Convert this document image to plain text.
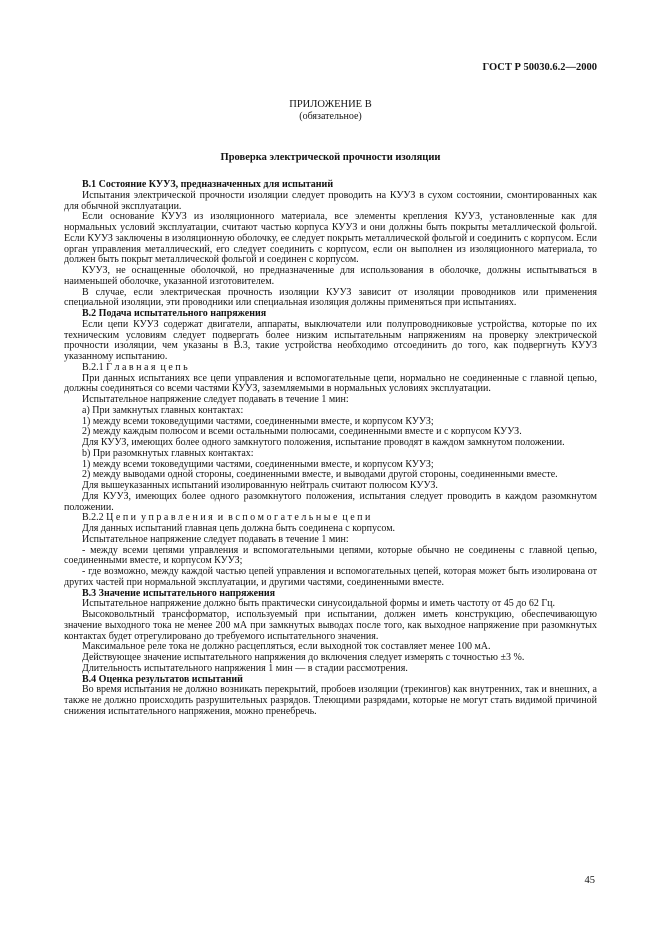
ГОСТ Р 50030.6.2—2000
ПРИЛОЖЕНИЕ В
(обязательное)
Проверка электрической прочности изоляции
В.1 Состояние КУУЗ, предназначенных для испытаний
Испытания электрической прочности изоляции следует проводить на КУУЗ в сухом состоянии, смонтированных как для обычной эксплуатации.
Если основание КУУЗ из изоляционного материала, все элементы крепления КУУЗ, установленные как для нормальных условий эксплуатации, считают частью корпуса КУУЗ и они должны быть покрыты металлической фольгой. Если КУУЗ заключены в изоляционную оболочку, ее следует покрыть металлической фольгой и соединить с корпусом. Если орган управления металлический, его следует соединить с корпусом, если он выполнен из изоляционного материала, то должен быть покрыт металлической фольгой и соединен с корпусом.
КУУЗ, не оснащенные оболочкой, но предназначенные для использования в оболочке, должны испытываться в наименьшей оболочке, указанной изготовителем.
В случае, если электрическая прочность изоляции КУУЗ зависит от изоляции проводников или применения специальной изоляции, эти проводники или специальная изоляция должны применяться при испытаниях.
В.2 Подача испытательного напряжения
Если цепи КУУЗ содержат двигатели, аппараты, выключатели или полупроводниковые устройства, которые по их техническим условиям следует подвергать более низким испытательным напряжениям на проверку электрической прочности изоляции, чем указаны в В.3, такие устройства необходимо отсоединить до того, как подвергнуть КУУЗ указанному испытанию.
В.2.1 Г л а в н а я  ц е п ь
При данных испытаниях все цепи управления и вспомогательные цепи, нормально не соединенные с главной цепью, должны соединяться со всеми частями КУУЗ, заземляемыми в нормальных условиях эксплуатации.
Испытательное напряжение следует подавать в течение 1 мин:
а) При замкнутых главных контактах:
1) между всеми токоведущими частями, соединенными вместе, и корпусом КУУЗ;
2) между каждым полюсом и всеми остальными полюсами, соединенными вместе и с корпусом КУУЗ.
Для КУУЗ, имеющих более одного замкнутого положения, испытание проводят в каждом замкнутом положении.
b) При разомкнутых главных контактах:
1) между всеми токоведущими частями, соединенными вместе, и корпусом КУУЗ;
2) между выводами одной стороны, соединенными вместе, и выводами другой стороны, соединенными вместе.
Для вышеуказанных испытаний изолированную нейтраль считают полюсом КУУЗ.
Для КУУЗ, имеющих более одного разомкнутого положения, испытания следует проводить в каждом разомкнутом положении.
В.2.2 Ц е п и  у п р а в л е н и я  и  в с п о м о г а т е л ь н ы е  ц е п и
Для данных испытаний главная цепь должна быть соединена с корпусом.
Испытательное напряжение следует подавать в течение 1 мин:
- между всеми цепями управления и вспомогательными цепями, которые обычно не соединены с главной цепью, соединенными вместе, и корпусом КУУЗ;
- где возможно, между каждой частью цепей управления и вспомогательных цепей, которая может быть изолирована от других частей при нормальной эксплуатации, и другими частями, соединенными вместе.
В.3 Значение испытательного напряжения
Испытательное напряжение должно быть практически синусоидальной формы и иметь частоту от 45 до 62 Гц.
Высоковольтный трансформатор, используемый при испытании, должен иметь конструкцию, обеспечивающую значение выходного тока не менее 200 мА при замкнутых выводах после того, как выходное напряжение при разомкнутых контактах будет отрегулировано до требуемого испытательного значения.
Максимальное реле тока не должно расцепляться, если выходной ток составляет менее 100 мА.
Действующее значение испытательного напряжения до включения следует измерять с точностью ±3 %.
Длительность испытательного напряжения 1 мин — в стадии рассмотрения.
В.4 Оценка результатов испытаний
Во время испытания не должно возникать перекрытий, пробоев изоляции (трекингов) как внутренних, так и внешних, а также не должно происходить разрушительных разрядов. Тлеющими разрядами, которые не могут стать видимой причиной снижения испытательного напряжения, можно пренебречь.
45
